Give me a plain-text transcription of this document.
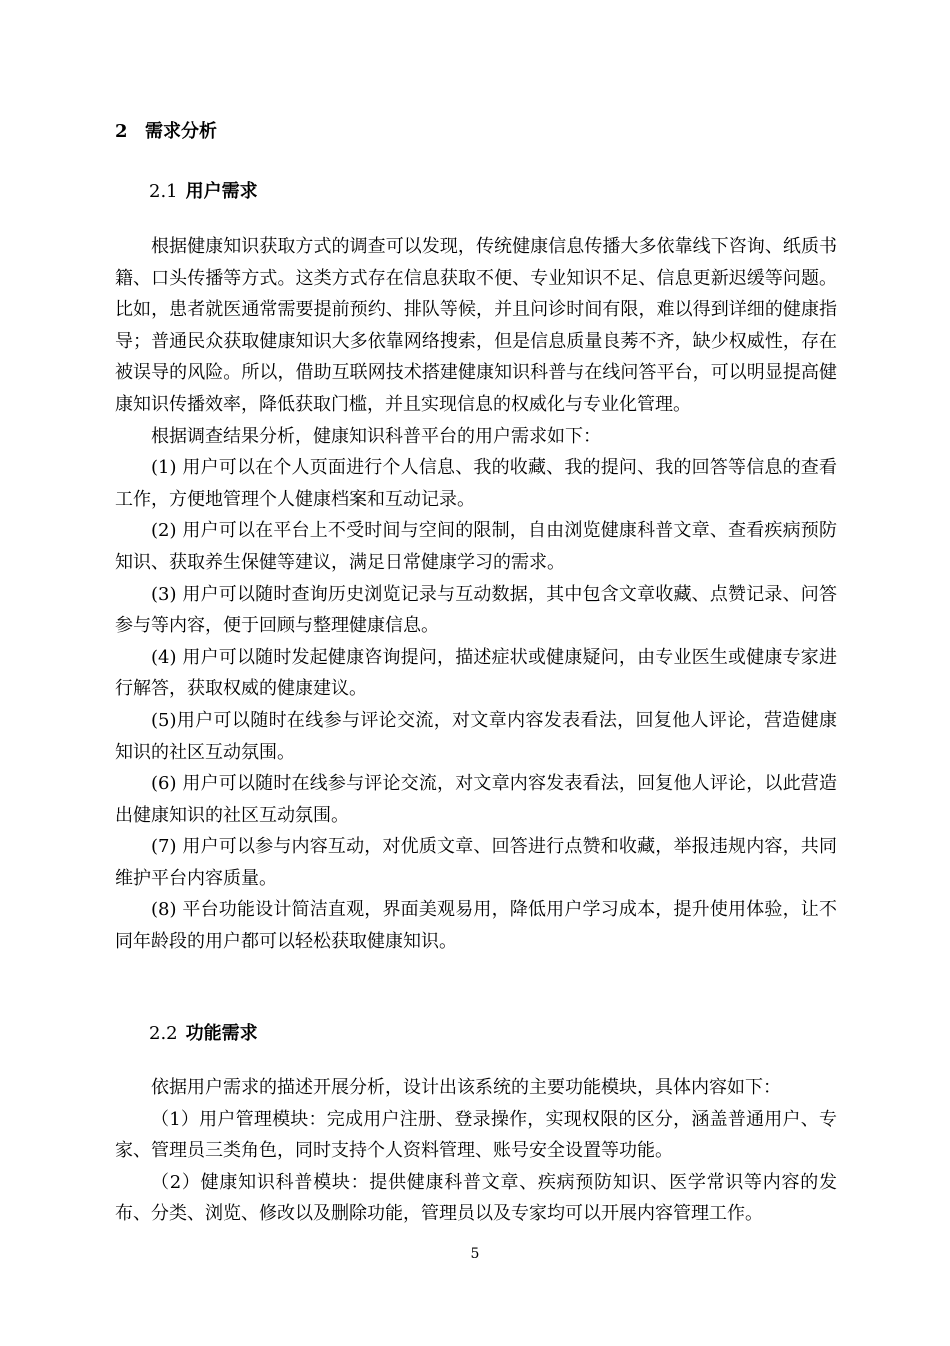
2 需求分析
2.1 用户需求

根据健康知识获取方式的调查可以发现，传统健康信息传播大多依靠线下咨询、纸质书籍、口头传播等方式。这类方式存在信息获取不便、专业知识不足、信息更新迟缓等问题。比如，患者就医通常需要提前预约、排队等候，并且问诊时间有限，难以得到详细的健康指导；普通民众获取健康知识大多依靠网络搜索，但是信息质量良莠不齐，缺少权威性，存在被误导的风险。所以，借助互联网技术搭建健康知识科普与在线问答平台，可以明显提高健康知识传播效率，降低获取门槛，并且实现信息的权威化与专业化管理。

根据调查结果分析，健康知识科普平台的用户需求如下：

(1) 用户可以在个人页面进行个人信息、我的收藏、我的提问、我的回答等信息的查看工作，方便地管理个人健康档案和互动记录。

(2) 用户可以在平台上不受时间与空间的限制，自由浏览健康科普文章、查看疾病预防知识、获取养生保健等建议，满足日常健康学习的需求。

(3) 用户可以随时查询历史浏览记录与互动数据，其中包含文章收藏、点赞记录、问答参与等内容，便于回顾与整理健康信息。

(4) 用户可以随时发起健康咨询提问，描述症状或健康疑问，由专业医生或健康专家进行解答，获取权威的健康建议。

(5)用户可以随时在线参与评论交流，对文章内容发表看法，回复他人评论，营造健康知识的社区互动氛围。

(6) 用户可以随时在线参与评论交流，对文章内容发表看法，回复他人评论，以此营造出健康知识的社区互动氛围。

(7) 用户可以参与内容互动，对优质文章、回答进行点赞和收藏，举报违规内容，共同维护平台内容质量。

(8) 平台功能设计简洁直观，界面美观易用，降低用户学习成本，提升使用体验，让不同年龄段的用户都可以轻松获取健康知识。

2.2 功能需求

依据用户需求的描述开展分析，设计出该系统的主要功能模块，具体内容如下：

（1）用户管理模块：完成用户注册、登录操作，实现权限的区分，涵盖普通用户、专家、管理员三类角色，同时支持个人资料管理、账号安全设置等功能。

（2）健康知识科普模块：提供健康科普文章、疾病预防知识、医学常识等内容的发布、分类、浏览、修改以及删除功能，管理员以及专家均可以开展内容管理工作。

5
